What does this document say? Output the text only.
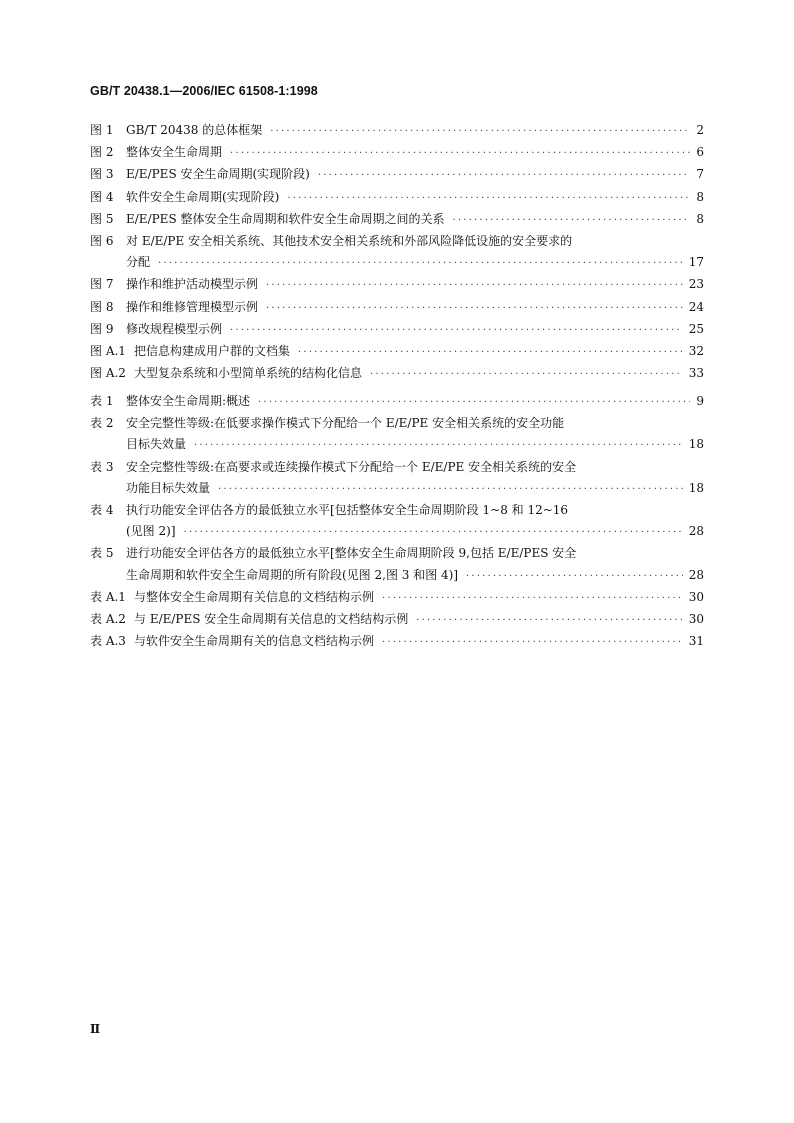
GB/T 20438.1—2006/IEC 61508-1:1998
图 1 GB/T 20438 的总体框架 ·····	2
图 2 整体安全生命周期 ·····	6
图 3 E/E/PES 安全生命周期(实现阶段) ·····	7
图 4 软件安全生命周期(实现阶段) ·····	8
图 5 E/E/PES 整体安全生命周期和软件安全生命周期之间的关系 ·····	8
图 6 对 E/E/PE 安全相关系统、其他技术安全相关系统和外部风险降低设施的安全要求的
分配 ·····	17
图 7 操作和维护活动模型示例 ·····	23
图 8 操作和维修管理模型示例 ·····	24
图 9 修改规程模型示例 ·····	25
图 A.1 把信息构建成用户群的文档集 ·····	32
图 A.2 大型复杂系统和小型简单系统的结构化信息 ·····	33
表 1 整体安全生命周期:概述 ·····	9
表 2 安全完整性等级:在低要求操作模式下分配给一个 E/E/PE 安全相关系统的安全功能
目标失效量 ·····	18
表 3 安全完整性等级:在高要求或连续操作模式下分配给一个 E/E/PE 安全相关系统的安全
功能目标失效量 ·····	18
表 4 执行功能安全评估各方的最低独立水平[包括整体安全生命周期阶段 1~8 和 12~16
(见图 2)] ·····	28
表 5 进行功能安全评估各方的最低独立水平[整体安全生命周期阶段 9,包括 E/E/PES 安全
生命周期和软件安全生命周期的所有阶段(见图 2,图 3 和图 4)] ·····	28
表 A.1 与整体安全生命周期有关信息的文档结构示例 ·····	30
表 A.2 与 E/E/PES 安全生命周期有关信息的文档结构示例 ·····	30
表 A.3 与软件安全生命周期有关的信息文档结构示例 ·····	31
Ⅱ
